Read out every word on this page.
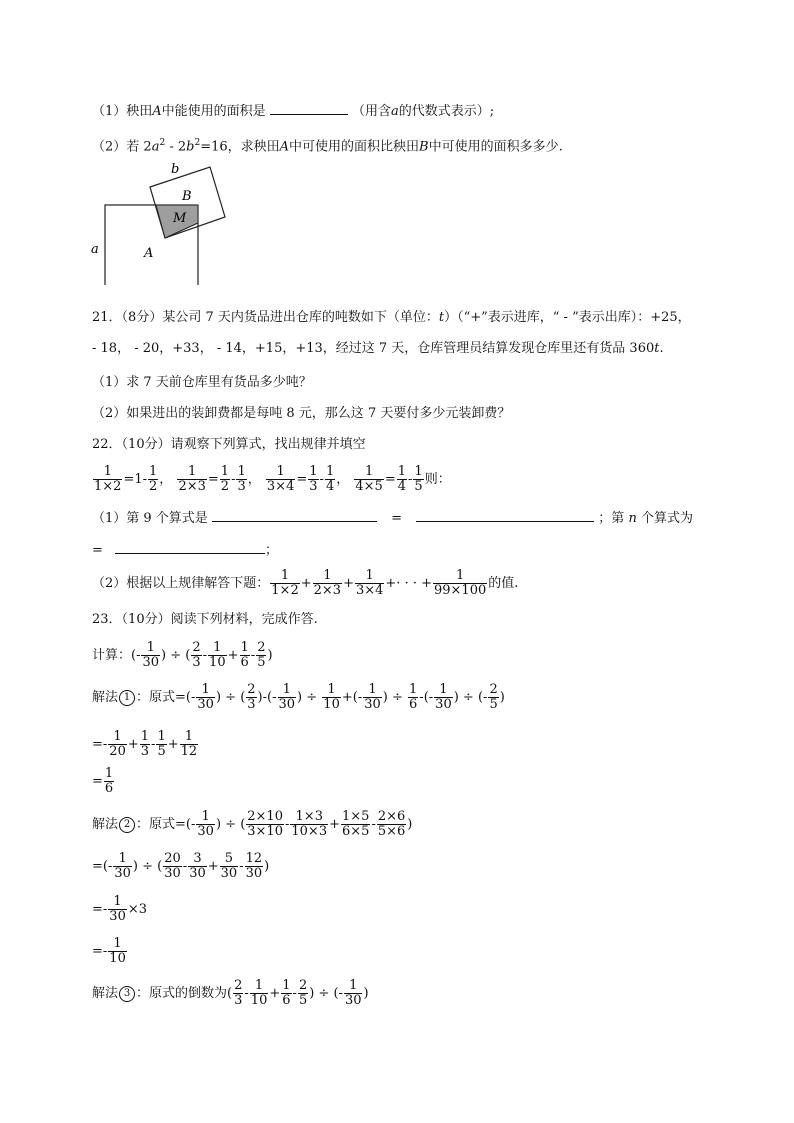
（1）秧田A中能使用的面积是	（用含a的代数式表示）;
（2）若 $2a^2 - 2b^2=16$，求秧田A中可使用的面积比秧田B中可使用的面积多多少.
a
b
A
B
M
21．（8分）某公司 7 天内货品进出仓库的吨数如下（单位：t）（“+”表示进库，“ - ”表示出库）：+25，
- 18， - 20，+33， - 14，+15，+13，经过这 7 天，仓库管理员结算发现仓库里还有货品 360t.
（1）求 7 天前仓库里有货品多少吨？
（2）如果进出的装卸费都是每吨 8 元，那么这 7 天要付多少元装卸费？
22．（10分）请观察下列算式，找出规律并填空
$\frac{1}{1\times 2} =1- \frac{1}{2}$ ， $\frac{1}{2\times 3} = \frac{1}{2} - \frac{1}{3}$ ， $\frac{1}{3\times 4} = \frac{1}{3} - \frac{1}{4}$ ， $\frac{1}{4\times 5} = \frac{1}{4} - \frac{1}{5}$ 则：
（1）第 9 个算式是	=	；第 n 个算式为
=	；
（2）根据以上规律解答下题： $\frac{1}{1\times 2} + \frac{1}{2\times 3} + \frac{1}{3\times 4}$ +· · · + $\frac{1}{99\times 100}$ 的值.
23．（10分）阅读下列材料，完成作答.
计算：(- $\frac{1}{30}$ ) ÷ ( $\frac{2}{3} - \frac{1}{10} + \frac{1}{6} - \frac{2}{5}$ )
解法 1 ：原式=(- $\frac{1}{30}$ ) ÷ ( $\frac{2}{3}$ )-(- $\frac{1}{30}$ ) ÷ $\frac{1}{10}$ +(- $\frac{1}{30}$ ) ÷ $\frac{1}{6}$ -(- $\frac{1}{30}$ ) ÷ (- $\frac{2}{5}$ )
=- $\frac{1}{20} + \frac{1}{3} - \frac{1}{5} + \frac{1}{12}$
= $\frac{1}{6}$
解法 2 ：原式=(- $\frac{1}{30}$ ) ÷ ( $\frac{2\times 10}{3\times 10} - \frac{1\times 3}{10\times 3} + \frac{1\times 5}{6\times 5} - \frac{2\times 6}{5\times 6}$ )
=(- $\frac{1}{30}$ ) ÷ ( $\frac{20}{30} - \frac{3}{30} + \frac{5}{30} - \frac{12}{30}$ )
=- $\frac{1}{30} \times 3$
=- $\frac{1}{10}$
解法 3 ：原式的倒数为( $\frac{2}{3} - \frac{1}{10} + \frac{1}{6} - \frac{2}{5}$ ) ÷ (- $\frac{1}{30}$ )
